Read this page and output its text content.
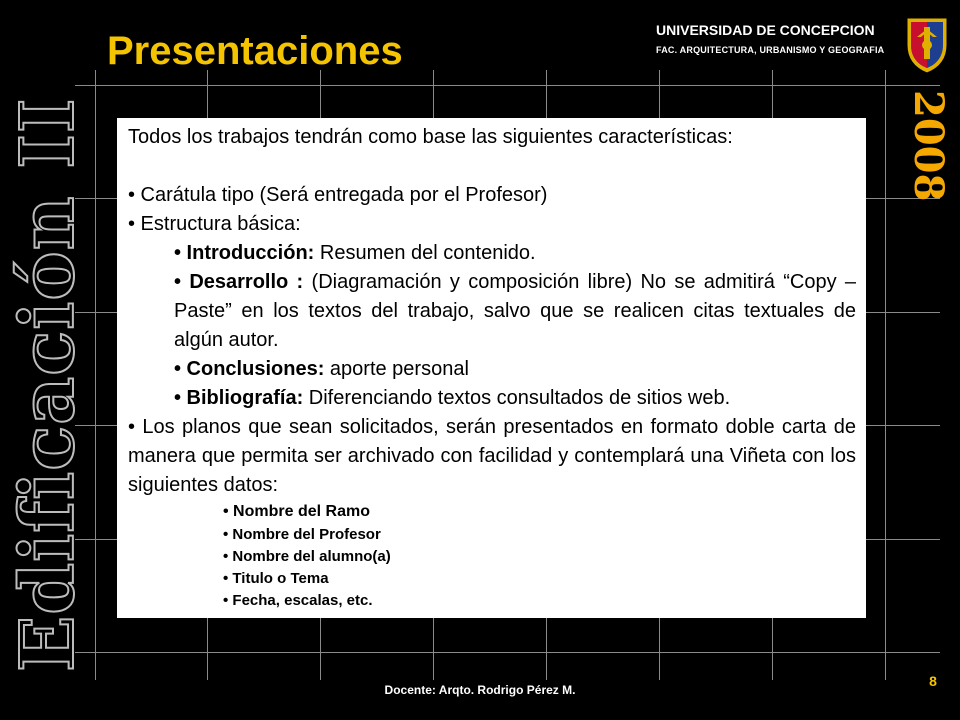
Edificación II	2008
Presentaciones	UNIVERSIDAD DE CONCEPCION
FAC. ARQUITECTURA, URBANISMO Y GEOGRAFIA

Todos los trabajos tendrán como base las siguientes características:

• Carátula tipo (Será entregada por el Profesor)

• Estructura básica:

• Introducción: Resumen del contenido.

• Desarrollo : (Diagramación y composición libre) No se admitirá “Copy – Paste” en los textos del trabajo, salvo que se realicen citas textuales de algún autor.

• Conclusiones: aporte personal

• Bibliografía: Diferenciando textos consultados de sitios web.

• Los planos que sean solicitados, serán presentados en formato doble carta de manera que permita ser archivado con facilidad y contemplará una Viñeta con los siguientes datos:

• Nombre del Ramo

• Nombre del Profesor

• Nombre del alumno(a)

• Titulo o Tema

• Fecha, escalas, etc.

Docente: Arqto. Rodrigo Pérez M.
8
